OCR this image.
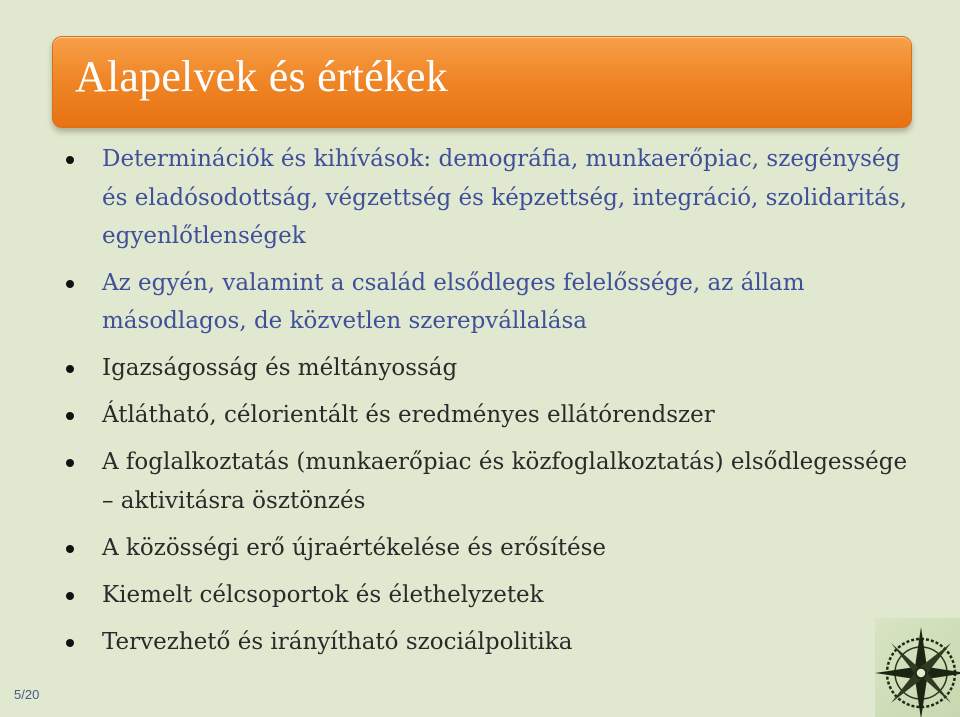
Alapelvek és értékek
Determinációk és kihívások: demográfia, munkaerőpiac, szegénység és eladósodottság, végzettség és képzettség, integráció, szolidaritás, egyenlőtlenségek
Az egyén, valamint a család elsődleges felelőssége, az állam másodlagos, de közvetlen szerepvállalása
Igazságosság és méltányosság
Átlátható, célorientált és eredményes ellátórendszer
A foglalkoztatás (munkaerőpiac és közfoglalkoztatás) elsődlegessége – aktivitásra ösztönzés
A közösségi erő újraértékelése és erősítése
Kiemelt célcsoportok és élethelyzetek
Tervezhető és irányítható szociálpolitika
5/20
